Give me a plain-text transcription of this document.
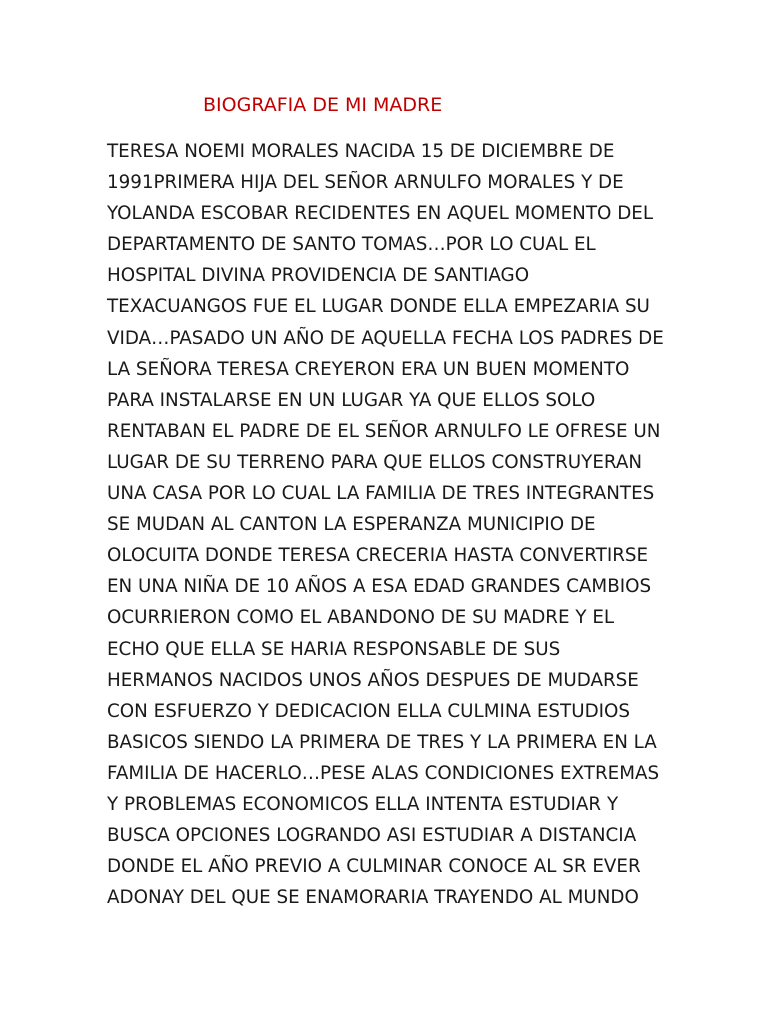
BIOGRAFIA DE MI MADRE
TERESA NOEMI MORALES NACIDA 15 DE DICIEMBRE DE
1991PRIMERA HIJA DEL SEÑOR ARNULFO MORALES Y DE
YOLANDA ESCOBAR RECIDENTES EN AQUEL MOMENTO DEL
DEPARTAMENTO DE SANTO TOMAS…POR LO CUAL EL
HOSPITAL DIVINA PROVIDENCIA DE SANTIAGO
TEXACUANGOS FUE EL LUGAR DONDE ELLA EMPEZARIA SU
VIDA…PASADO UN AÑO DE AQUELLA FECHA LOS PADRES DE
LA SEÑORA TERESA CREYERON ERA UN BUEN MOMENTO
PARA INSTALARSE EN UN LUGAR YA QUE ELLOS SOLO
RENTABAN EL PADRE DE EL SEÑOR ARNULFO LE OFRESE UN
LUGAR DE SU TERRENO PARA QUE ELLOS CONSTRUYERAN
UNA CASA POR LO CUAL LA FAMILIA DE TRES INTEGRANTES
SE MUDAN AL CANTON LA ESPERANZA MUNICIPIO DE
OLOCUITA DONDE TERESA CRECERIA HASTA CONVERTIRSE
EN UNA NIÑA DE 10 AÑOS A ESA EDAD GRANDES CAMBIOS
OCURRIERON COMO EL ABANDONO DE SU MADRE Y EL
ECHO QUE ELLA SE HARIA RESPONSABLE DE SUS
HERMANOS NACIDOS UNOS AÑOS DESPUES DE MUDARSE
CON ESFUERZO Y DEDICACION ELLA CULMINA ESTUDIOS
BASICOS SIENDO LA PRIMERA DE TRES Y LA PRIMERA EN LA
FAMILIA DE HACERLO…PESE ALAS CONDICIONES EXTREMAS
Y PROBLEMAS ECONOMICOS ELLA INTENTA ESTUDIAR Y
BUSCA OPCIONES LOGRANDO ASI ESTUDIAR A DISTANCIA
DONDE EL AÑO PREVIO A CULMINAR CONOCE AL SR EVER
ADONAY DEL QUE SE ENAMORARIA TRAYENDO AL MUNDO
